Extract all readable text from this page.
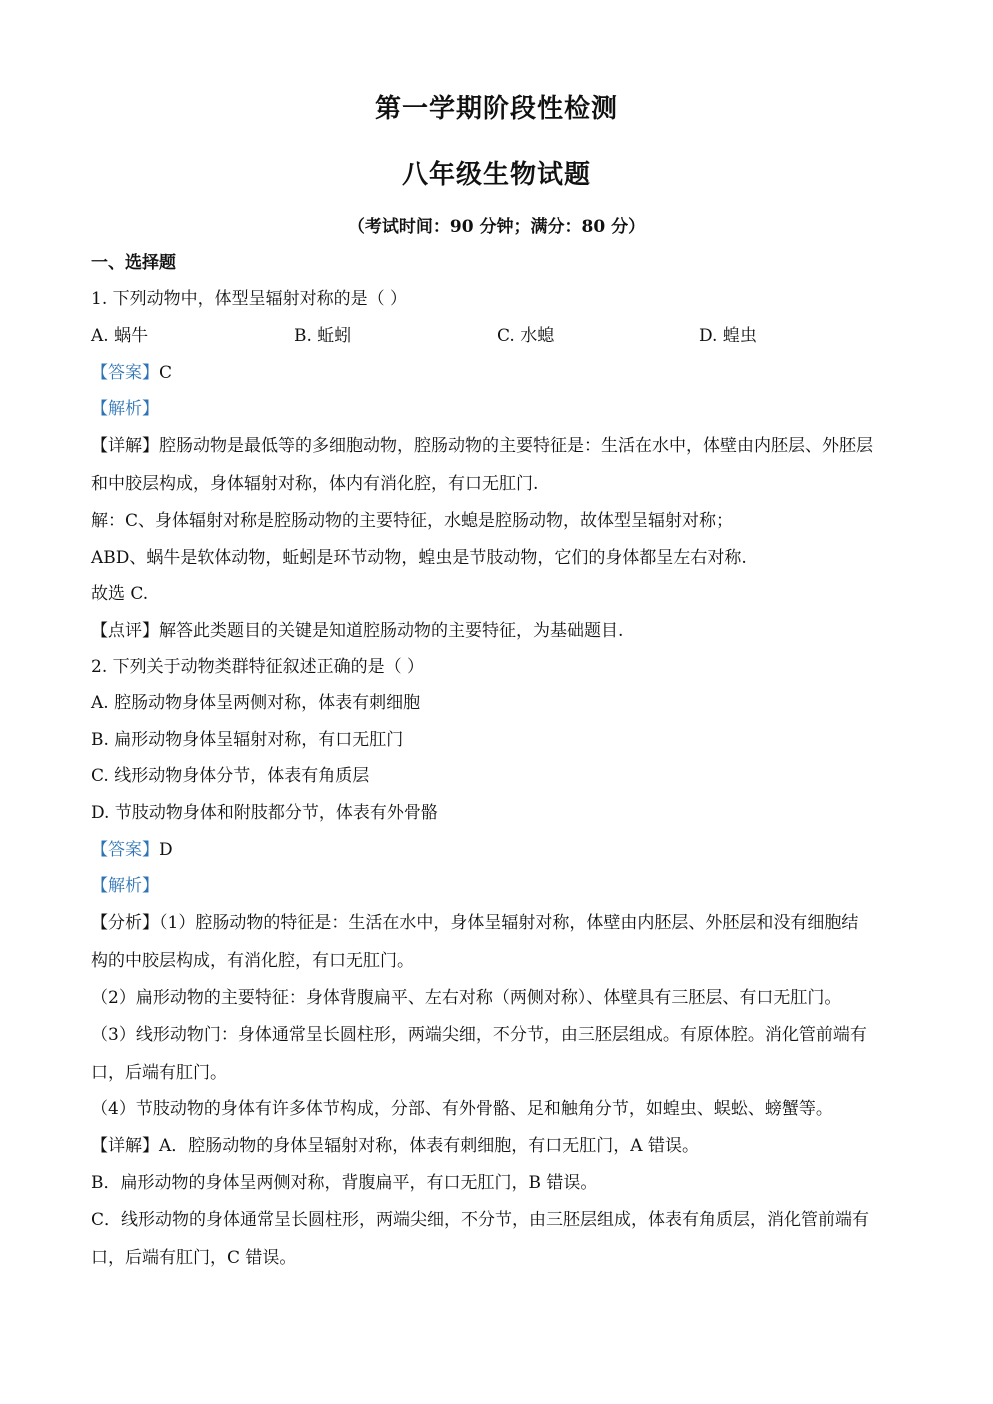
第一学期阶段性检测
八年级生物试题
（考试时间：90 分钟；满分：80 分）
一、选择题
1. 下列动物中，体型呈辐射对称的是（ ）
A. 蜗牛	B. 蚯蚓	C. 水螅	D. 蝗虫
【答案】C
【解析】
【详解】腔肠动物是最低等的多细胞动物，腔肠动物的主要特征是：生活在水中，体壁由内胚层、外胚层
和中胶层构成，身体辐射对称，体内有消化腔，有口无肛门.
解：C、身体辐射对称是腔肠动物的主要特征，水螅是腔肠动物，故体型呈辐射对称；
ABD、蜗牛是软体动物，蚯蚓是环节动物，蝗虫是节肢动物，它们的身体都呈左右对称.
故选 C.
【点评】解答此类题目的关键是知道腔肠动物的主要特征，为基础题目.
2. 下列关于动物类群特征叙述正确的是（ ）
A. 腔肠动物身体呈两侧对称，体表有刺细胞
B. 扁形动物身体呈辐射对称，有口无肛门
C. 线形动物身体分节，体表有角质层
D. 节肢动物身体和附肢都分节，体表有外骨骼
【答案】D
【解析】
【分析】（1）腔肠动物的特征是：生活在水中，身体呈辐射对称，体壁由内胚层、外胚层和没有细胞结
构的中胶层构成，有消化腔，有口无肛门。
（2）扁形动物的主要特征：身体背腹扁平、左右对称（两侧对称）、体壁具有三胚层、有口无肛门。
（3）线形动物门：身体通常呈长圆柱形，两端尖细，不分节，由三胚层组成。有原体腔。消化管前端有
口，后端有肛门。
（4）节肢动物的身体有许多体节构成，分部、有外骨骼、足和触角分节，如蝗虫、蜈蚣、螃蟹等。
【详解】A．腔肠动物的身体呈辐射对称，体表有刺细胞，有口无肛门，A 错误。
B．扁形动物的身体呈两侧对称，背腹扁平，有口无肛门，B 错误。
C．线形动物的身体通常呈长圆柱形，两端尖细，不分节，由三胚层组成，体表有角质层，消化管前端有
口，后端有肛门，C 错误。
